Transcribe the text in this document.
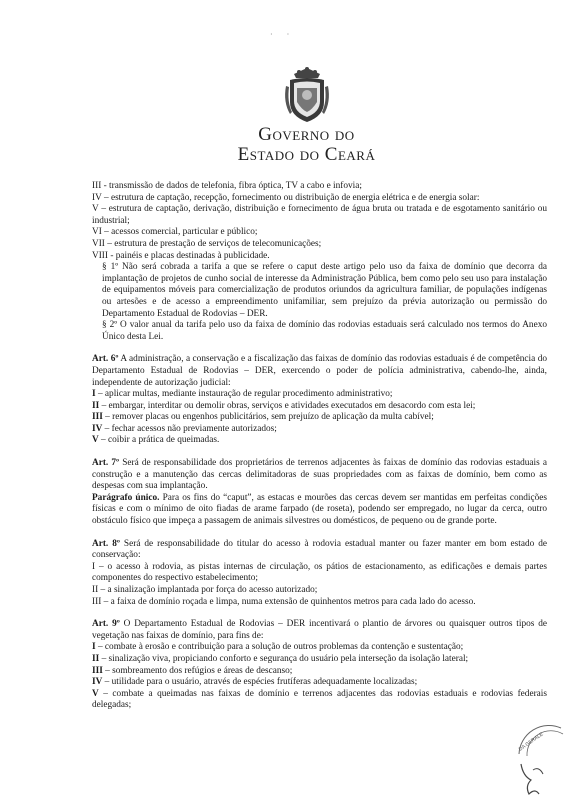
· ·
Governo do
Estado do Ceará

III - transmissão de dados de telefonia, fibra óptica, TV a cabo e infovia;

IV – estrutura de captação, recepção, fornecimento ou distribuição de energia elétrica e de energia solar:

V – estrutura de captação, derivação, distribuição e fornecimento de água bruta ou tratada e de esgotamento sanitário ou industrial;

VI – acessos comercial, particular e público;

VII – estrutura de prestação de serviços de telecomunicações;

VIII - painéis e placas destinadas à publicidade.

§ 1º Não será cobrada a tarifa a que se refere o caput deste artigo pelo uso da faixa de domínio que decorra da implantação de projetos de cunho social de interesse da Administração Pública, bem como pelo seu uso para instalação de equipamentos móveis para comercialização de produtos oriundos da agricultura familiar, de populações indígenas ou artesões e de acesso a empreendimento unifamiliar, sem prejuízo da prévia autorização ou permissão do Departamento Estadual de Rodovias – DER.

§ 2º O valor anual da tarifa pelo uso da faixa de domínio das rodovias estaduais será calculado nos termos do Anexo Único desta Lei.

Art. 6º A administração, a conservação e a fiscalização das faixas de domínio das rodovias estaduais é de competência do Departamento Estadual de Rodovias – DER, exercendo o poder de polícia administrativa, cabendo-lhe, ainda, independente de autorização judicial:

I – aplicar multas, mediante instauração de regular procedimento administrativo;

II – embargar, interditar ou demolir obras, serviços e atividades executados em desacordo com esta lei;

III – remover placas ou engenhos publicitários, sem prejuízo de aplicação da multa cabível;

IV – fechar acessos não previamente autorizados;

V – coibir a prática de queimadas.

Art. 7º Será de responsabilidade dos proprietários de terrenos adjacentes às faixas de domínio das rodovias estaduais a construção e a manutenção das cercas delimitadoras de suas propriedades com as faixas de domínio, bem como as despesas com sua implantação.

Parágrafo único. Para os fins do “caput”, as estacas e mourões das cercas devem ser mantidas em perfeitas condições físicas e com o mínimo de oito fiadas de arame farpado (de roseta), podendo ser empregado, no lugar da cerca, outro obstáculo físico que impeça a passagem de animais silvestres ou domésticos, de pequeno ou de grande porte.

Art. 8º Será de responsabilidade do titular do acesso à rodovia estadual manter ou fazer manter em bom estado de conservação:

I – o acesso à rodovia, as pistas internas de circulação, os pátios de estacionamento, as edificações e demais partes componentes do respectivo estabelecimento;

II – a sinalização implantada por força do acesso autorizado;

III – a faixa de domínio roçada e limpa, numa extensão de quinhentos metros para cada lado do acesso.

Art. 9º O Departamento Estadual de Rodovias – DER incentivará o plantio de árvores ou quaisquer outros tipos de vegetação nas faixas de domínio, para fins de:

I – combate à erosão e contribuição para a solução de outros problemas da contenção e sustentação;

II – sinalização viva, propiciando conforto e segurança do usuário pela interseção da isolação lateral;

III – sombreamento dos refúgios e áreas de descanso;

IV – utilidade para o usuário, através de espécies frutíferas adequadamente localizadas;

V – combate a queimadas nas faixas de domínio e terrenos adjacentes das rodovias estaduais e rodovias federais delegadas;

DA GERALE
